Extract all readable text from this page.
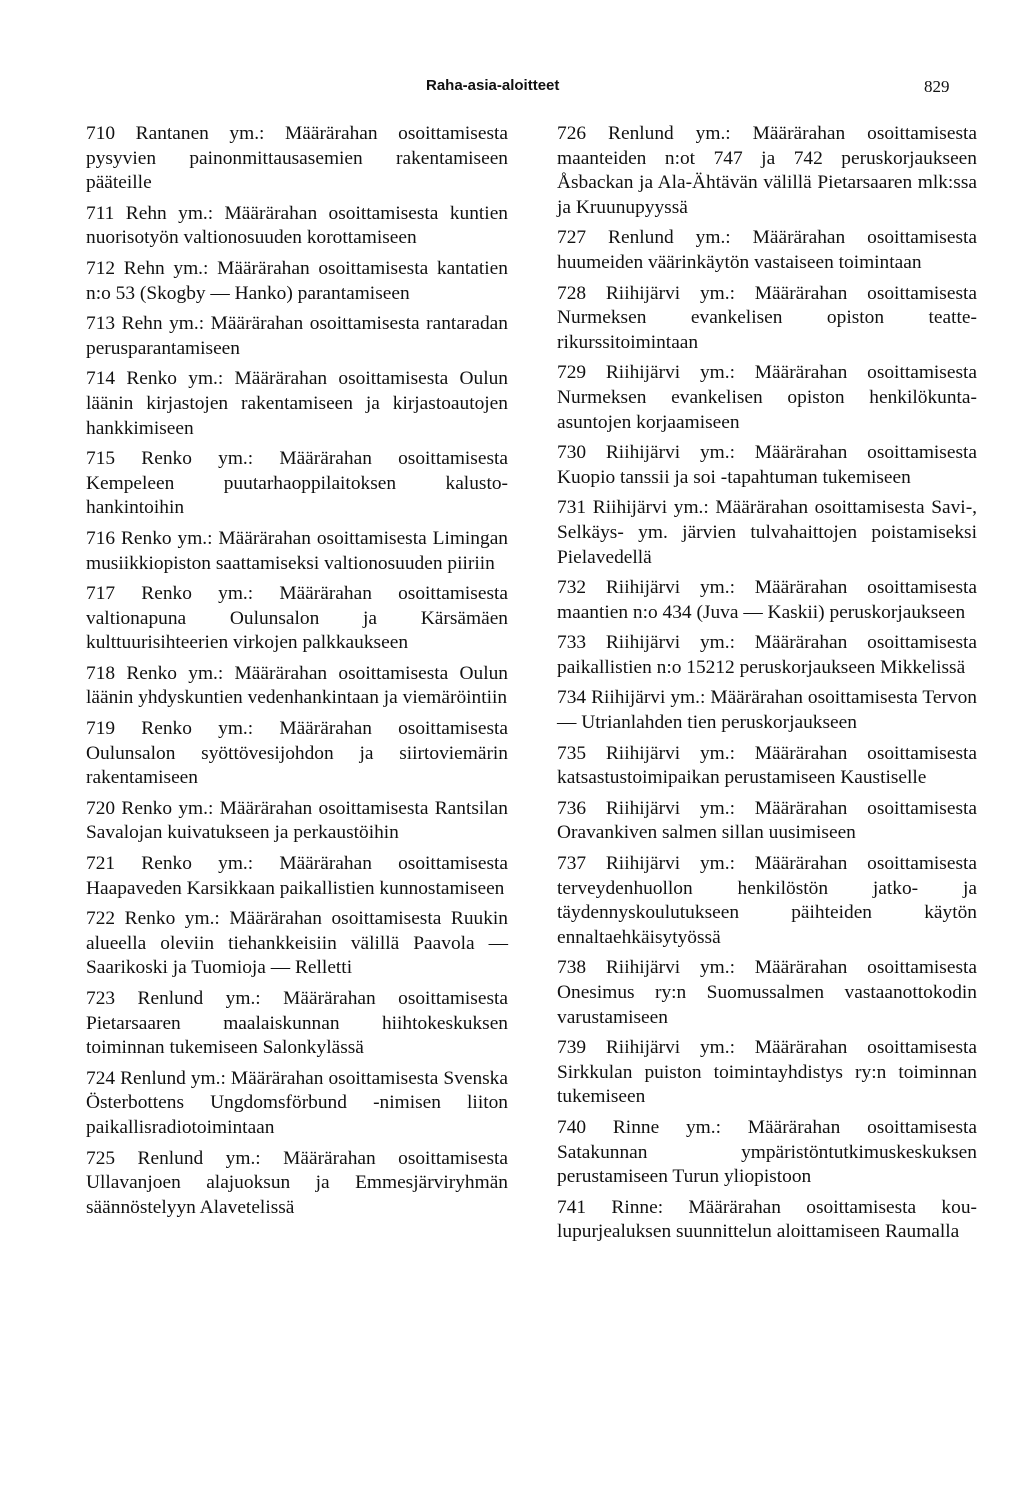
Raha-asia-aloitteet	829

710 Rantanen ym.: Määrärahan osoittamisesta pysyvien painonmittausasemien rakentamiseen pääteille

711 Rehn ym.: Määrärahan osoittamisesta kuntien nuorisotyön valtionosuuden korottamiseen

712 Rehn ym.: Määrärahan osoittamisesta kantatien n:o 53 (Skogby — Hanko) parantamiseen

713 Rehn ym.: Määrärahan osoittamisesta rantaradan perusparantamiseen

714 Renko ym.: Määrärahan osoittamisesta Oulun läänin kirjastojen rakentamiseen ja kirjastoautojen hankkimiseen

715 Renko ym.: Määrärahan osoittamisesta Kempeleen puutarhaoppilaitoksen kalustohankintoihin

716 Renko ym.: Määrärahan osoittamisesta Limingan musiikkiopiston saattamiseksi valtionosuuden piiriin

717 Renko ym.: Määrärahan osoittamisesta valtionapuna Oulunsalon ja Kärsämäen kulttuurisihteerien virkojen palkkaukseen

718 Renko ym.: Määrärahan osoittamisesta Oulun läänin yhdyskuntien vedenhankintaan ja viemäröintiin

719 Renko ym.: Määrärahan osoittamisesta Oulunsalon syöttövesijohdon ja siirtoviemärin rakentamiseen

720 Renko ym.: Määrärahan osoittamisesta Rantsilan Savalojan kuivatukseen ja perkaustöihin

721 Renko ym.: Määrärahan osoittamisesta Haapaveden Karsikkaan paikallistien kunnostamiseen

722 Renko ym.: Määrärahan osoittamisesta Ruukin alueella oleviin tiehankkeisiin välillä Paavola — Saarikoski ja Tuomioja — Relletti

723 Renlund ym.: Määrärahan osoittamisesta Pietarsaaren maalaiskunnan hiihtokeskuksen toiminnan tukemiseen Salonkylässä

724 Renlund ym.: Määrärahan osoittamisesta Svenska Österbottens Ungdomsförbund -nimisen liiton paikallisradiotoimintaan

725 Renlund ym.: Määrärahan osoittamisesta Ullavanjoen alajuoksun ja Emmesjärviryhmän säännöstelyyn Alavetelissä

726 Renlund ym.: Määrärahan osoittamisesta maanteiden n:ot 747 ja 742 peruskorjaukseen Åsbackan ja Ala-Ähtävän välillä Pietarsaaren mlk:ssa ja Kruunupyyssä

727 Renlund ym.: Määrärahan osoittamisesta huumeiden väärinkäytön vastaiseen toimintaan

728 Riihijärvi ym.: Määrärahan osoittamisesta Nurmeksen evankelisen opiston teatterikurssitoimintaan

729 Riihijärvi ym.: Määrärahan osoittamisesta Nurmeksen evankelisen opiston henkilökunta-asuntojen korjaamiseen

730 Riihijärvi ym.: Määrärahan osoittamisesta Kuopio tanssii ja soi -tapahtuman tukemiseen

731 Riihijärvi ym.: Määrärahan osoittamisesta Savi-, Selkäys- ym. järvien tulvahaittojen poistamiseksi Pielavedellä

732 Riihijärvi ym.: Määrärahan osoittamisesta maantien n:o 434 (Juva — Kaskii) peruskorjaukseen

733 Riihijärvi ym.: Määrärahan osoittamisesta paikallistien n:o 15212 peruskorjaukseen Mikkelissä

734 Riihijärvi ym.: Määrärahan osoittamisesta Tervon — Utrianlahden tien peruskorjaukseen

735 Riihijärvi ym.: Määrärahan osoittamisesta katsastustoimipaikan perustamiseen Kaustiselle

736 Riihijärvi ym.: Määrärahan osoittamisesta Oravankiven salmen sillan uusimiseen

737 Riihijärvi ym.: Määrärahan osoittamisesta terveydenhuollon henkilöstön jatko- ja täydennyskoulutukseen päihteiden käytön ennaltaehkäisytyössä

738 Riihijärvi ym.: Määrärahan osoittamisesta Onesimus ry:n Suomussalmen vastaanottokodin varustamiseen

739 Riihijärvi ym.: Määrärahan osoittamisesta Sirkkulan puiston toimintayhdistys ry:n toiminnan tukemiseen

740 Rinne ym.: Määrärahan osoittamisesta Satakunnan ympäristöntutkimuskeskuksen perustamiseen Turun yliopistoon

741 Rinne: Määrärahan osoittamisesta koulupurjealuksen suunnittelun aloittamiseen Raumalla
